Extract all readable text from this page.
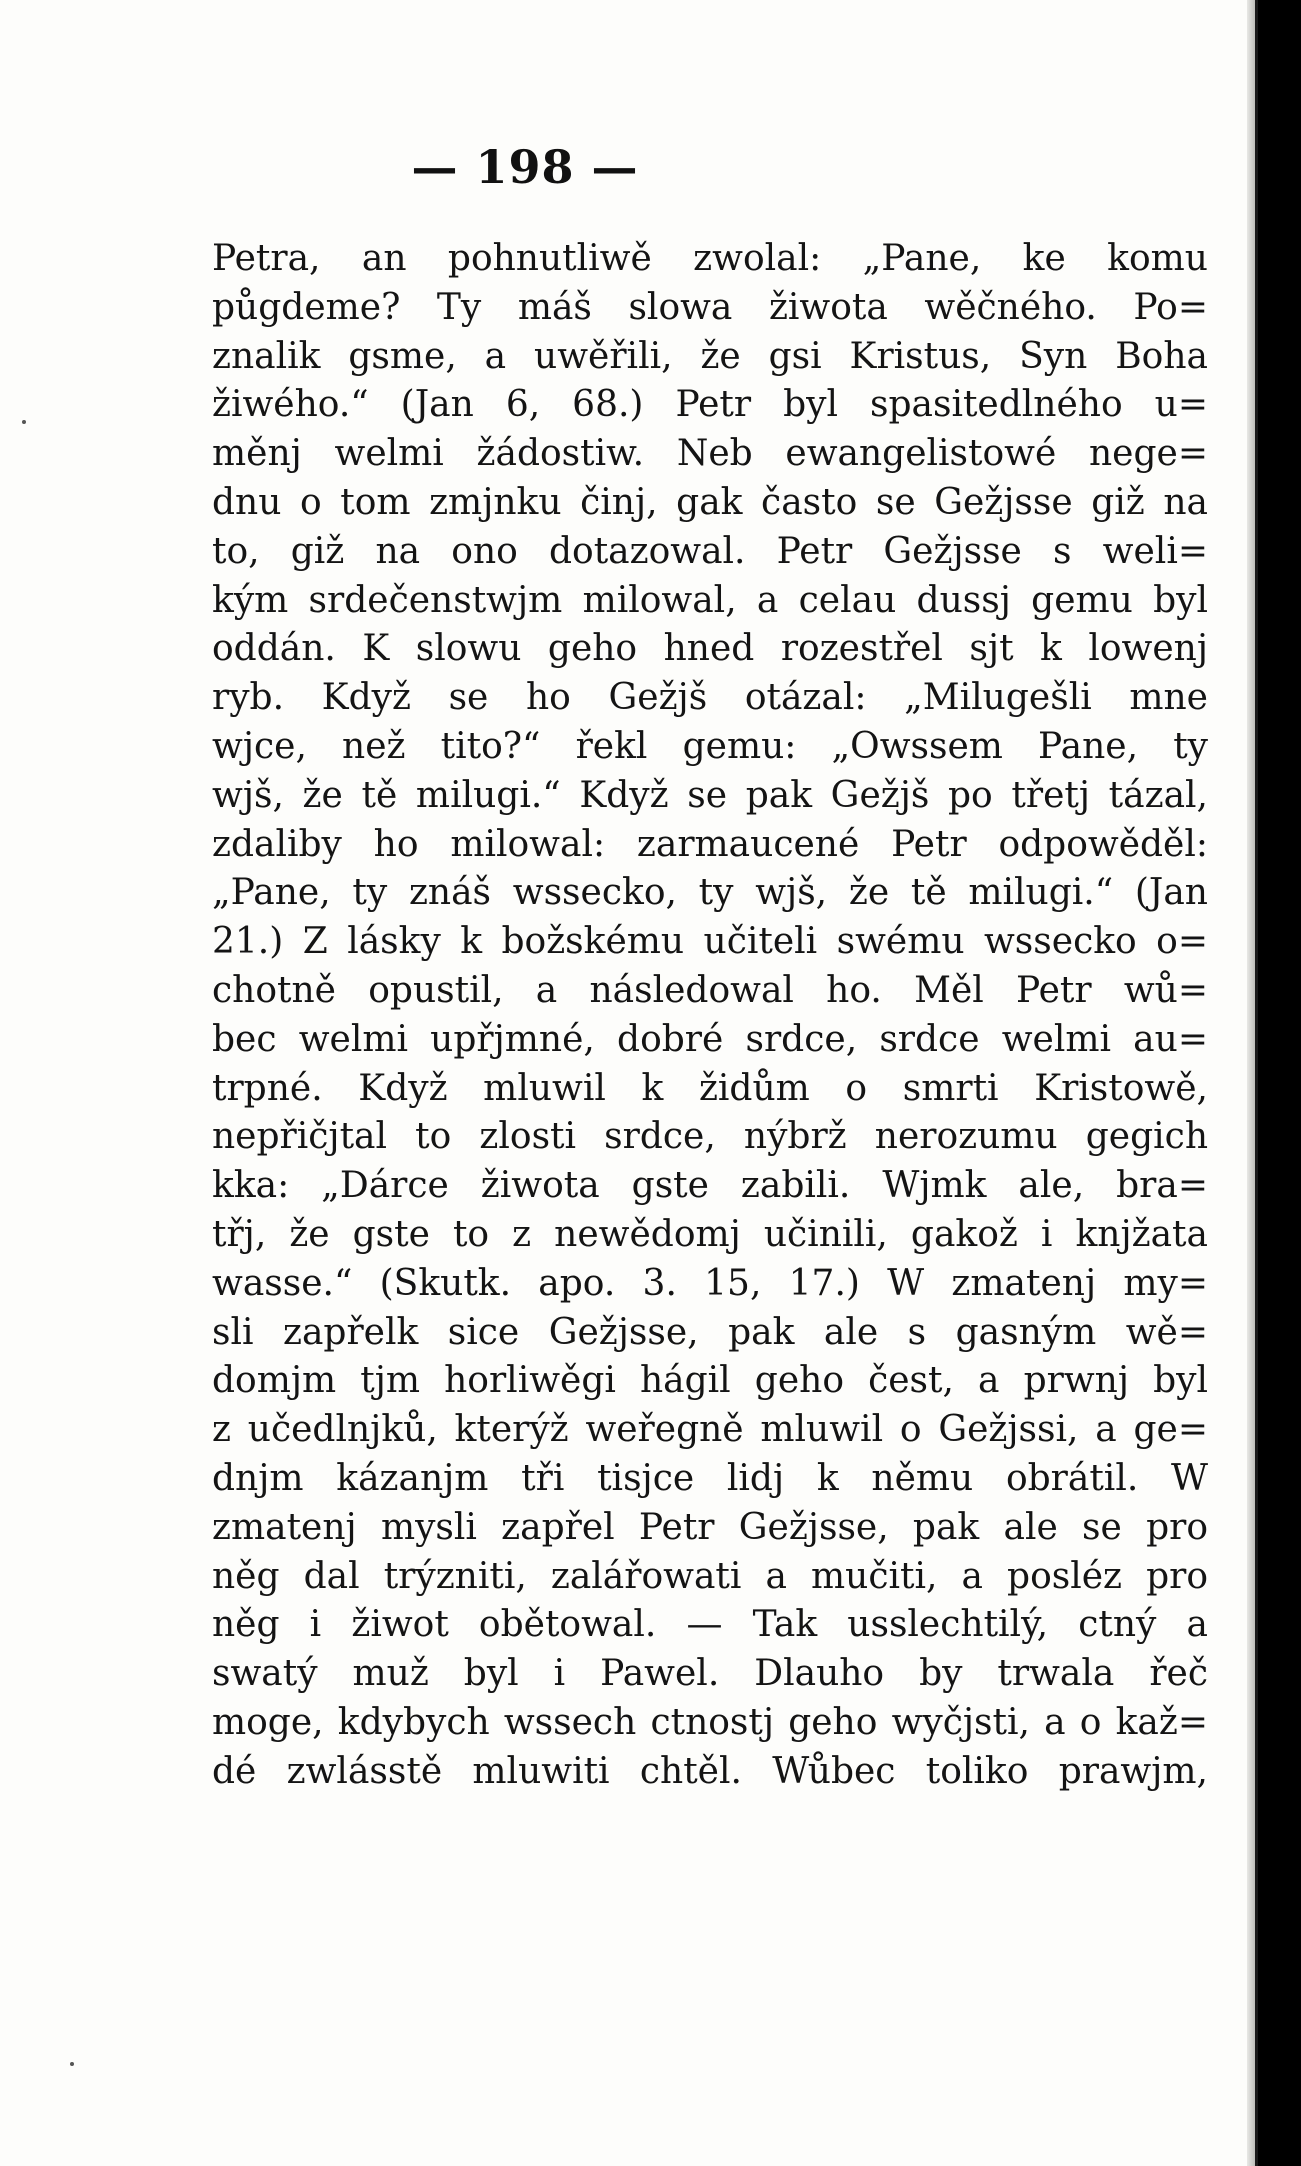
— 198 —
Petra, an pohnutliwě zwolal: „Pane, ke komu
půgdeme? Ty máš slowa žiwota wěčného. Po=
znalik gsme, a uwěřili, že gsi Kristus, Syn Boha
žiwého.“ (Jan 6, 68.) Petr byl spasitedlného u=
měnj welmi žádostiw. Neb ewangelistowé nege=
dnu o tom zmjnku činj, gak často se Gežjsse giž na
to, giž na ono dotazowal. Petr Gežjsse s weli=
kým srdečenstwjm milowal, a celau dussj gemu byl
oddán. K slowu geho hned rozestřel sjt k lowenj
ryb. Když se ho Gežjš otázal: „Milugešli mne
wjce, než tito?“ řekl gemu: „Owssem Pane, ty
wjš, že tě milugi.“ Když se pak Gežjš po třetj tázal,
zdaliby ho milowal: zarmaucené Petr odpowěděl:
„Pane, ty znáš wssecko, ty wjš, že tě milugi.“ (Jan
21.) Z lásky k božskému učiteli swému wssecko o=
chotně opustil, a následowal ho. Měl Petr wů=
bec welmi upřjmné, dobré srdce, srdce welmi au=
trpné. Když mluwil k židům o smrti Kristowě,
nepřičjtal to zlosti srdce, nýbrž nerozumu gegich
kka: „Dárce žiwota gste zabili. Wjmk ale, bra=
třj, že gste to z newědomj učinili, gakož i knjžata
wasse.“ (Skutk. apo. 3. 15, 17.) W zmatenj my=
sli zapřelk sice Gežjsse, pak ale s gasným wě=
domjm tjm horliwěgi hágil geho čest, a prwnj byl
z učedlnjků, kterýž weřegně mluwil o Gežjssi, a ge=
dnjm kázanjm tři tisjce lidj k němu obrátil. W
zmatenj mysli zapřel Petr Gežjsse, pak ale se pro
něg dal trýzniti, zalářowati a mučiti, a posléz pro
něg i žiwot obětowal. — Tak usslechtilý, ctný a
swatý muž byl i Pawel. Dlauho by trwala řeč
moge, kdybych wssech ctnostj geho wyčjsti, a o kaž=
dé zwlásstě mluwiti chtěl. Wůbec toliko prawjm,
